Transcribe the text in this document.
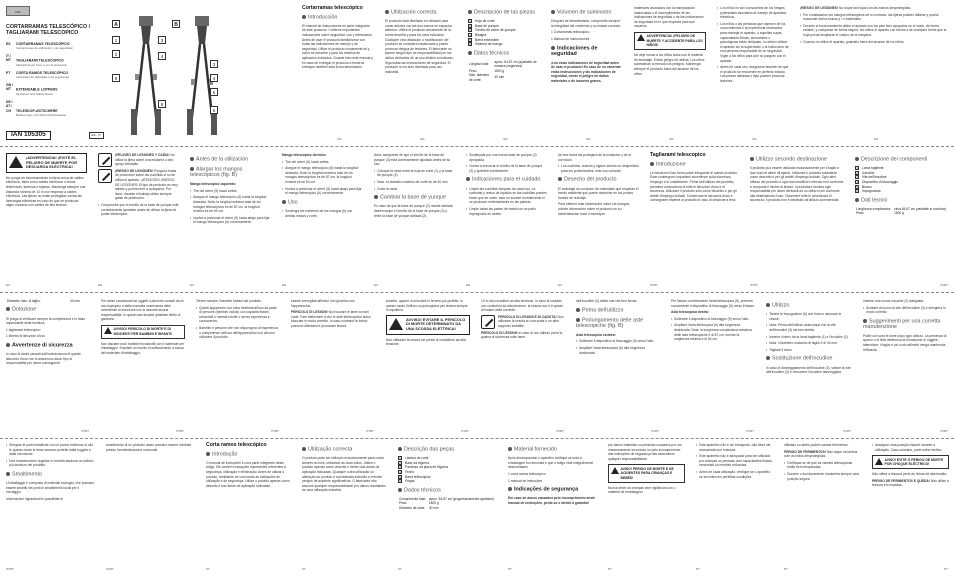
LIDL
CORTARRAMAS TELESCÓPICO /
TAGLIARAMI TELESCOPICO
ES CORTARRAMAS TELESCÓPICO
Instrucciones de utilización y de seguridad
IT / MT TAGLIARAMI TELESCOPICO
Indicazioni per l'uso e per la sicurezza
PT CORTA RAMOS TELESCÓPICO
Instruções de utilização e de segurança
GB / MT EXTENDABLE LOPPERS
Operation and Safety Notes
DE / AT / CH TELESKOP-ASTSCHERE
Bedienungs- und Sicherheitshinweise
IAN 105305	ES - IT
A
1
2
3
4
5
6
B
3
4
5
6
Cortarramas telescópico
Introducción
El manual de instrucciones es parte integrante de este producto. Contiene importantes indicaciones sobre seguridad, uso y eliminación. Antes de usar el producto familiarícese con todas las indicaciones de manejo y de seguridad. Utilice el producto únicamente tal y como se describe y para los ámbitos de aplicación indicados. Guarde bien este manual y en caso de entregar el producto a terceros entregue también toda la documentación.
ES
Utilización correcta
El producto está diseñado en utilizado para cortar árboles con las dos manos en espacios abiertos. Utilice el producto únicamente de la forma descrita y para los usos indicados. Cualquier otra utilización o modificación del producto se considera inadecuada y puede provocar riesgos de lesiones. El fabricante no asume ningún tipo de responsabilidad por los daños derivados de un uso distinto al indicado. Siga todas las instrucciones de seguridad. El producto no ha sido diseñado para uso industrial.
ES
Descripción de las piezas
1	Hoja de corte
2	Base de yunque
3	Tornillo de cierre de yunque
4	Bisagra
5	Barra extensible
6	Sistema de mango
Datos técnicos
Longitud total:	aprox. 64-87 cm (ajustable de manera progresiva)
Peso:	1800 g
Máx. diámetro de corte:	40 mm
ES
Volumen de suministro
Después de desembalarlo, compruebe siempre la integridad del contenido y su estado correcto.
1 Cortarramas telescópico
1 Manual de instrucciones
Indicaciones de seguridad
¡Lea estas indicaciones de seguridad antes de usar el producto! En caso de no observar estas instrucciones y las indicaciones de seguridad, existe el peligro de daños materiales o de lesiones graves.
ES
materiales asociados con la manipulación inadecuada o el incumplimiento de las indicaciones de seguridad o de las indicaciones de seguridad en lo que respecta para sus usuarios.
ADVERTENCIA! ¡PELIGRO DE MUERTE Y ACCIDENTE PARA LOS NIÑOS!
No deje nunca a los niños solos con el material de embalaje. Existe peligro de asfixia. Los niños subestiman a menudo los peligros. Mantenga siempre el producto fuera del alcance de los niños.
ES
▪ Los niños no son conscientes de los riesgos potenciales asociados al manejo de aparatos eléctricos.
▪ Los niños o las personas que carecen de los conocimientos o la experiencia necesarios para manejar el aparato, o aquellas cuyas capacidades físicas, sensoriales o psicológicas estén limitadas, no deben utilizar el aparato sin la supervisión o la instrucción de una persona responsable de su seguridad. Vigile a los niños para que no jueguen con el aparato.
▪ Antes de cada uso, asegúrese también de que el producto se encuentre en perfecto estado. Las piezas dañadas o fijas pueden provocar lesiones.
ES
¡RIESGO DE LESIONES! No toque las hojas con las manos desprotegidas.
▪ Por constatación los mangos telescópicos de lo contrario, las tijeras pueden afilarse y podría ocasionar daños físicos y / o materiales.
▪ Durante el funcionamiento utilice el aparato con los pies bien apoyados en el suelo, de forma estable, y colóquese de forma segura. No utilice el aparato con fuerza o de cualquier forma que la hoja pueda desplazar el cuerpo de la máquina.
▪ Cuando no utilice el aparato, guárdelo fuera del alcance de los niños.
ES
¡ADVERTENCIA! ¡EVITE EL PELIGRO DE MUERTE POR DESCARGA ELÉCTRICA!
No ponga en funcionamiento la tijera cerca de cables eléctricos, tales como cables eléctricos o líneas telefónicas, tuberías o tejados. Mantenga siempre una distancia mínima de 10 m con respecto a cables eléctricos. Las tijeras no están protegidas contra las descargas eléctricas en caso de que se produzca algún contacto con cables de alta tensión.
ES
¡PELIGRO DE LESIONES Y CAÍDA! No utilice la tijera sobre una escalera u otro apoyo inestable.
¡RIESGO DE LESIONES! Ponga la funda de protección sobre las cuchillas si no se utiliza el aparato. ¡ATENCIÓN! ¡RIESGO DE LESIONES! El tipo de producto es muy afilado y podría herir a cualquiera. Por favor, durante el trabajo utilice siempre gafas de protección.
▪ Compruebe que el tornillo de la base de yunque esté correctamente apretado antes de utilizar la tijera de podar telescópica.
ES
Antes de la utilización
Alargar los mangos telescópicos (fig. B)
Mango telescópico izquierdo:
▪ Tire del cierre (5) hacia arriba.
▪ Alargue el mango telescópico (6) hasta la longitud deseada. Nota: la longitud máxima total de los mangos telescópicos es de 87 cm, la longitud mínima es de 64 cm.
▪ Vuelva a presionar el cierre (5) hacia abajo para fijar el mango telescópico (6) correctamente.
ES
Mango telescópico derecho:
▪ Tire del cierre (5) hacia arriba.
▪ Alargue el mango telescópico (6) hasta la longitud deseada. Nota: la longitud máxima total de los mangos telescópicos es de 87 cm, la longitud mínima es de 64 cm.
▪ Vuelva a presionar el cierre (5) hacia abajo para fijar el mango telescópico (6) correctamente.
Uso
▪ Sostenga los extremos de los mangos (6) con ambas manos y corte.
ES
Nota: asegúrese de que el tornillo de la base de yunque (3) está correctamente ajustado antes de su uso.
▪ Coloque la rama entre la hoja de corte (1) y la base de yunque (2).
▪ Nota: el diámetro máximo de corte es de 40 mm.
▪ Corte la rama.
Cambiar la base de yunque
En caso de que la base de yunque (2) resulte dañada, desenrosque el tornillo de la base de yunque (3) y retire la base de yunque dañada (2).
ES
▪ Sustitúyala por una nueva base de yunque (2) apropiada.
▪ Vuelva a enroscar el tornillo de la base de yunque (3) y apriételo fuertemente.
Indicaciones para el cuidado
▪ Limpie las cuchillas después de cada uso. La suciedad y restos de líquidos en las cuchillas pueden hacer que se oxide, esto no sucede normalmente si se producen enfermedades en las plantas.
▪ Limpie todas las partes de metal con un paño impregnado en aceite.
ES
de esa forma las protegerá de la oxidación y de la corrosión.
▪ Los cuchillos, cuando y siguen siendo un desperdicio para los profesionales, este uso coincide.
Desecho del producto
El embalaje se compone de materiales que respetan el medio ambiente que puede desechar en los puntos locales de reciclaje.
Para obtener más información sobre los mangos, solicite información sobre el producto en su administración local o municipal.
ES
Tagliarami telescopico
Introduzione
Le istruzioni d'uso fanno parte integrante di questo prodotto. Esse contengono importanti avvertenze sulla sicurezza, l'impiego e lo smaltimento. Prima dell'utilizzo del prodotto, prendere conoscenza di tutte le istruzioni d'uso e di sicurezza. Utilizzare il prodotto solo come descritto e per gli ambiti d'impiego indicati. Conservare le istruzioni d'uso e consegnarle insieme al prodotto in caso di cessione a terzi.
IT/MT
Utilizzo secondo destinazione
Il prodotto può essere utilizzato esclusivamente per il taglio a due mani di alberi all'aperto. Utilizzare il prodotto solamente come descritto e per gli ambiti d'impiego indicati. Ogni altro utilizzo del prodotto o ogni sua modifica è ritenuto non conforme e comporta il rischio di lesioni. Il produttore declina ogni responsabilità per danni derivanti da un utilizzo non conforme alla destinazione d'uso. Osservare tutte le avvertenze di sicurezza. Il prodotto non è destinato all'utilizzo commerciale.
IT/MT
Descrizione dei componenti
1	Lama tagliente
2	Incudine
3	Vite dell'incudine
4	Dispositivo di bloccaggio
5	Blocco
6	Impugnatura
Dati tecnici
Lunghezza complessiva:	circa 64-87 cm (variabile in continuo)
Peso:	1800 g
IT/MT
Diametro max. di taglio:	40 mm
Dotazione
Si prega di verificare sempre la completezza e lo stato impeccabile della fornitura.
1 tagliarami telescopico
1 libretto di istruzioni d'uso
Avvertenze di sicurezza
In caso di danni causati dall'inosservanza di queste istruzioni d'uso non si assumono alcun tipo di responsabilità per danni conseguenti.
IT/MT
Per danni occasionati ad oggetti o persone causati da un uso improprio o dalla mancata osservanza delle avvertenze di sicurezza non si assume alcuna responsabilità. In questi casi decade qualsiasi diritto di garanzia.
AVVISO! PERICOLO DI MORTE E DI INCIDENTI PER BAMBINI E INFANTI!
Non lasciare mai i bambini incustoditi con il materiale per imballaggio. Sussiste un rischio di soffocamento a causa del materiale d'imballaggio.
IT/MT
Tenere sempre i bambini lontani dal prodotto.
▪ Questi apparecchi non sono destinati all'uso da parte di persone (bambini inclusi) con capacità fisiche, sensoriali o mentali ridotte o senza esperienza e conoscenza.
▪ Bambini e persone che non dispongono di esperienza o competenze nell'uso dell'apparecchio non devono utilizzare il prodotto.
IT/MT
essere sorvegliati affinché non giochino con l'apparecchio.
PERICOLO DI LESIONI! Non toccare le lame a mani nude. Fare attenzione a che le aste telescopiche siano bloccate in modo corretto. In caso contrario le forbici possono allentarsi e provocare lesioni.
IT/MT
proietto, oppure di scivolare in terreno più proibito. In questo modo l'utilizzo si prolungherà per tenersi sempre in equilibrio.
AVVISO! EVITARE IL PERICOLO DI MORTE DETERMINATO DA UNA SCOSSA ELETTRICA!
Non utilizzare la cesoia nei pressi di condutture ad alta tensione.
IT/MT
10 m dai conduttori ad alta tensione. In caso di contatto con conduttori ad alta tensione, la cesoia non è in grado di isolare dalla corrente.
PERICOLO DI LESIONI E DI CADUTA! Non utilizzare la cesoia su una scala o un altro supporto instabile.
PERICOLO DI LESIONI! In caso di non utilizzo porre la guaina di sicurezza sulle lame.
IT/MT
dell'incudine (3) abbia una vite ben ferma.
Prima dell'utilizzo
Prolungamento delle aste telescopiche (fig. B)
Asta telescopica sinistra:
▪ Sollevare il dispositivo di bloccaggio (5) verso l'alto.
▪ Ampliare l'asta telescopica (6) alla lunghezza desiderata.
IT/MT
Per fissare correttamente l'asta telescopica (6), premere nuovamente il dispositivo di bloccaggio (5) verso il basso.
Asta telescopica destra:
▪ Sollevare il dispositivo di bloccaggio (5) verso l'alto.
▪ Ampliare l'asta telescopica (6) alla lunghezza desiderata. Nota: la lunghezza complessiva massima delle aste telescopiche è di 87 cm, mentre la lunghezza minima è di 64 cm.
IT/MT
Utilizzo
▪ Tenere le impugnature (6) con forza e azionare le cesoie.
▪ Nota: Prima dell'utilizzo assicurarsi che la vite dell'incudine (3) sia ben stretta.
▪ Inserire il ramo tra la lama tagliente (1) e l'incudine (2).
▪ Nota: Il diametro massimo di taglio è di 40 mm.
▪ Tagliare il ramo.
Sostituzione dell'incudine
In caso di danneggiamento dell'incudine (2), svitare la vite dell'incudine (3) e rimuovere l'incudine danneggiata.
IT/MT
Inserire una nuova incudine (2) adeguata.
▪ Avvitare di nuovo la vite dell'incudine (3) e stringerla in modo corretto.
Suggerimenti per una corretta manutenzione
Pulire con cura le lame dopo ogni utilizzo. La presenza di sporco o di linfa determina la formazione di ruggine; attenzione: il taglio è più corto affinché venga mantenuta l'efficacia.
IT/MT
▪ Sfregare le parti metalliche con un panno imbevuto di olio. In questo modo le lame saranno protette dalla ruggine e dalla corrosione.
▪ Una manutenzione regolare e corretta assicura un utilizzo più duraturo del prodotto.
Smaltimento
L'imballaggio è composto di materiali ecologici, che possono essere smaltiti nei punti di smaltimento locali per il riciclaggio.
Informazioni riguardanti le possibilità di
IT/MT
smaltimento di un prodotto usato possono essere richieste presso l'amministrazione comunale.
IT/MT
Corta ramos telescópico
Introdução
O manual de instruções é uma parte integrante deste artigo. Ele contém indicações importantes referentes à segurança, utilização e eliminação. Antes de utilizar o produto, familiarize-se com todas as indicações de utilização e de segurança. Utilize o produto apenas como descrito e nas áreas de aplicação indicadas.
PT
Utilização correcta
O produto pode ser utilizado exclusivamente para cortar árvores ao livre, utilizando as duas mãos. Utilize o produto apenas como descrito e dentro das áreas de aplicação indicadas. Qualquer outra utilização ou alteração do produto é considerada indevida e envolve perigos de acidente significativos. O fabricante não assume qualquer responsabilidade por danos resultantes de uma utilização indevida.
PT
Descrição das peças
1	Lâmina de corte
2	Base da bigorna
3	Parafuso da placa de bigorna
4	Fecho
5	Barra telescópica
6	Pegas
Dados técnicos
Comprimento total:	aprox. 64-87 cm (progressivamente ajustável)
Peso:	1800 g
Diâmetro de corte:	40 mm
PT
Material fornecido
Após desempacotar o aparelho verifique se toda a embalagem foi removida e que o artigo está integralmente desembalado.
1 corta ramos telescópico
1 manual de instruções
Indicações de segurança
Em caso de danos causados pelo incumprimento deste manual de instruções, perde-se o direito à garantia!
PT
por danos materiais ou pessoais causados por um manuseamento incorrecto ou pelo incumprimento das indicações de segurança não assumimos qualquer responsabilidade.
AVISO! PERIGO DE MORTE E DE ACIDENTES PARA CRIANÇAS E BEBÉS!
Nunca deixe as crianças sem vigilância com o material de embalagem.
PT
▪ Este aparelho não é um brinquedo, não deve ser manuseado por crianças.
▪ Este aparelho não é adequado para ser utilizado por crianças ou pessoas com capacidades físicas, sensoriais ou mentais reduzidas.
▪ Antes de cada utilização, verifique se o aparelho se encontra em perfeitas condições.
PT
utilizado ou antes podem causar ferimentos.
PERIGO DE FERIMENTOS! Não toque na lâmina com as mãos desprotegidas.
▪ Certifique-se de que as varetas telescópicas estão bem bloqueadas.
▪ Durante o funcionamento mantenha sempre uma posição segura.
PT
▪ Assegure uma posição estável durante a utilização. Caso contrário, pode sofrer lesões.
AVISO! EVITE O PERIGO DE MORTE POR CHOQUE ELÉCTRICO!
Não utilize a tesoura perto de linhas de alta tensão.
PERIGO DE FERIMENTOS E QUEDA! Não utilize a tesoura em escadas.
PT
